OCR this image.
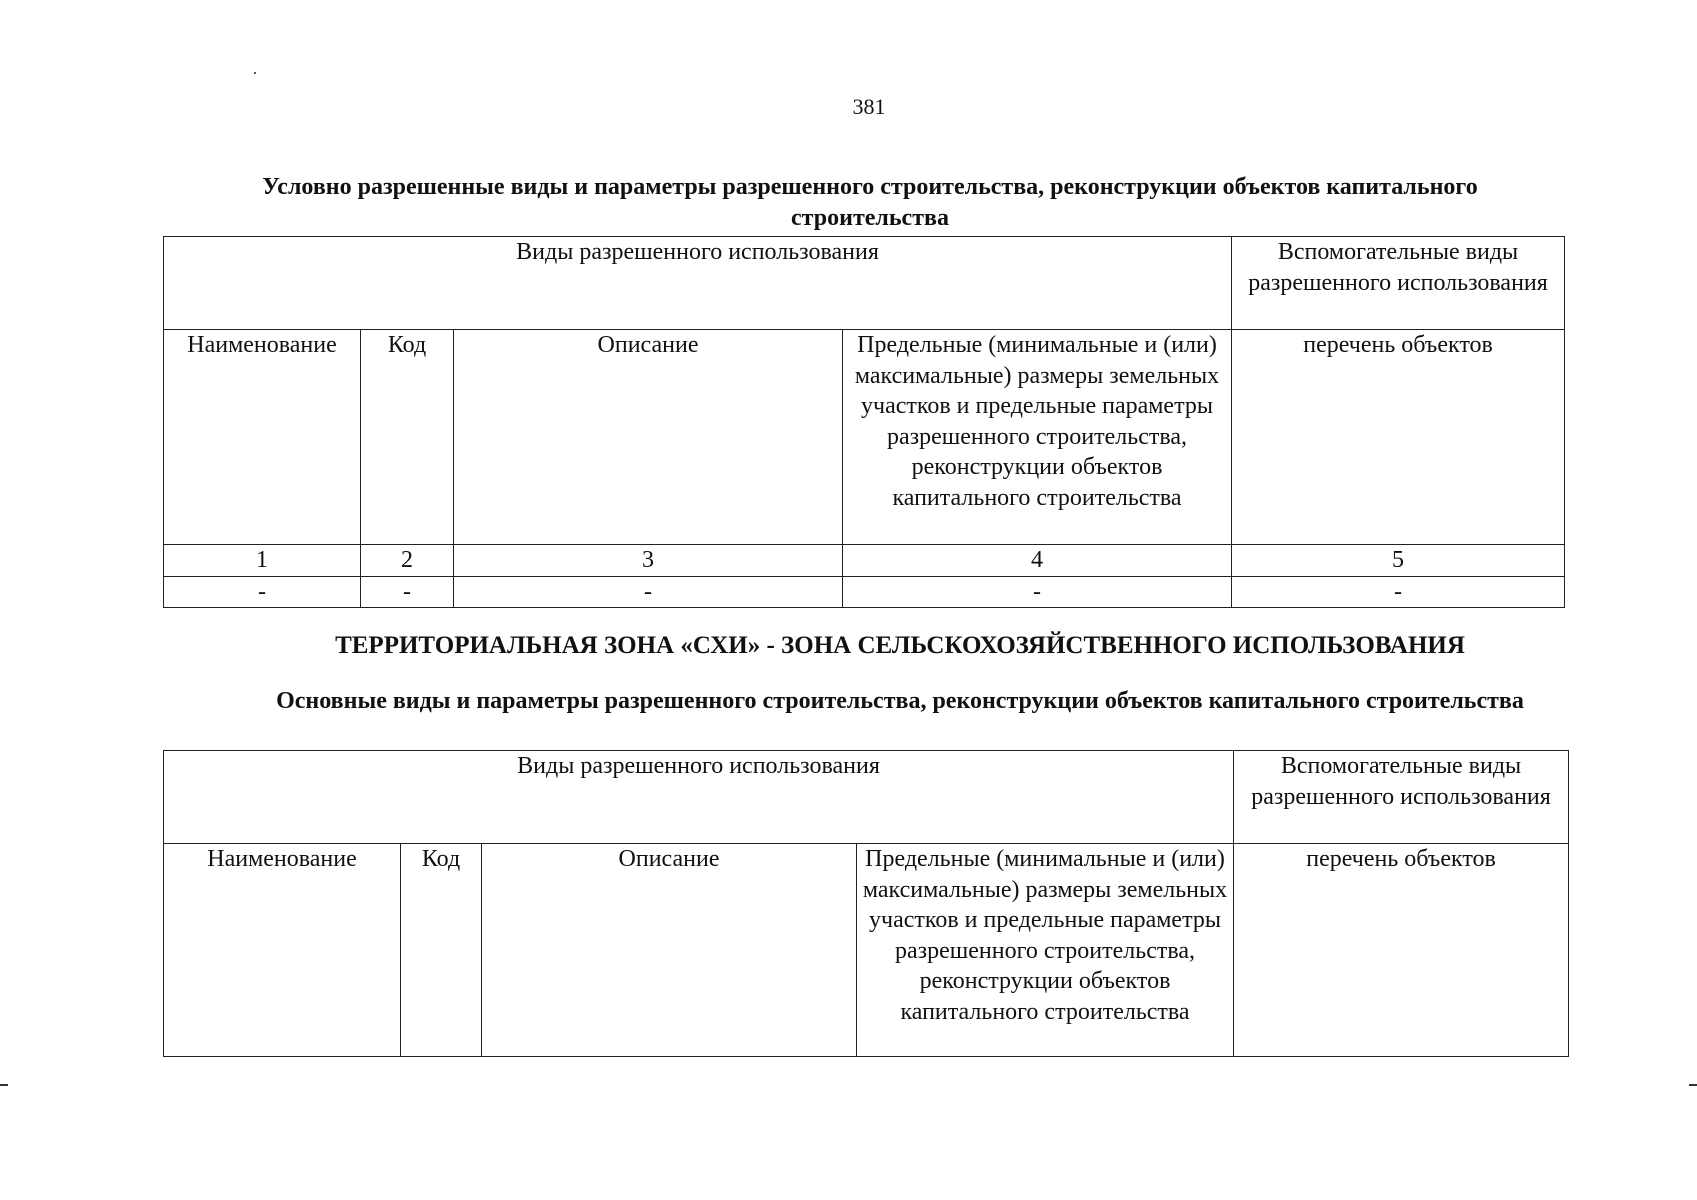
381
Условно разрешенные виды и параметры разрешенного строительства, реконструкции объектов капитального строительства
Виды разрешенного использования				Вспомогательные виды разрешенного использования
Наименование	Код	Описание	Предельные (минимальные и (или) максимальные) размеры земельных участков и предельные параметры разрешенного строительства, реконструкции объектов капитального строительства	перечень объектов
1	2	3	4	5
-	-	-	-	-
ТЕРРИТОРИАЛЬНАЯ ЗОНА «СХИ» - ЗОНА СЕЛЬСКОХОЗЯЙСТВЕННОГО ИСПОЛЬЗОВАНИЯ
Основные виды и параметры разрешенного строительства, реконструкции объектов капитального строительства
Виды разрешенного использования				Вспомогательные виды разрешенного использования
Наименование	Код	Описание	Предельные (минимальные и (или) максимальные) размеры земельных участков и предельные параметры разрешенного строительства, реконструкции объектов капитального строительства	перечень объектов
